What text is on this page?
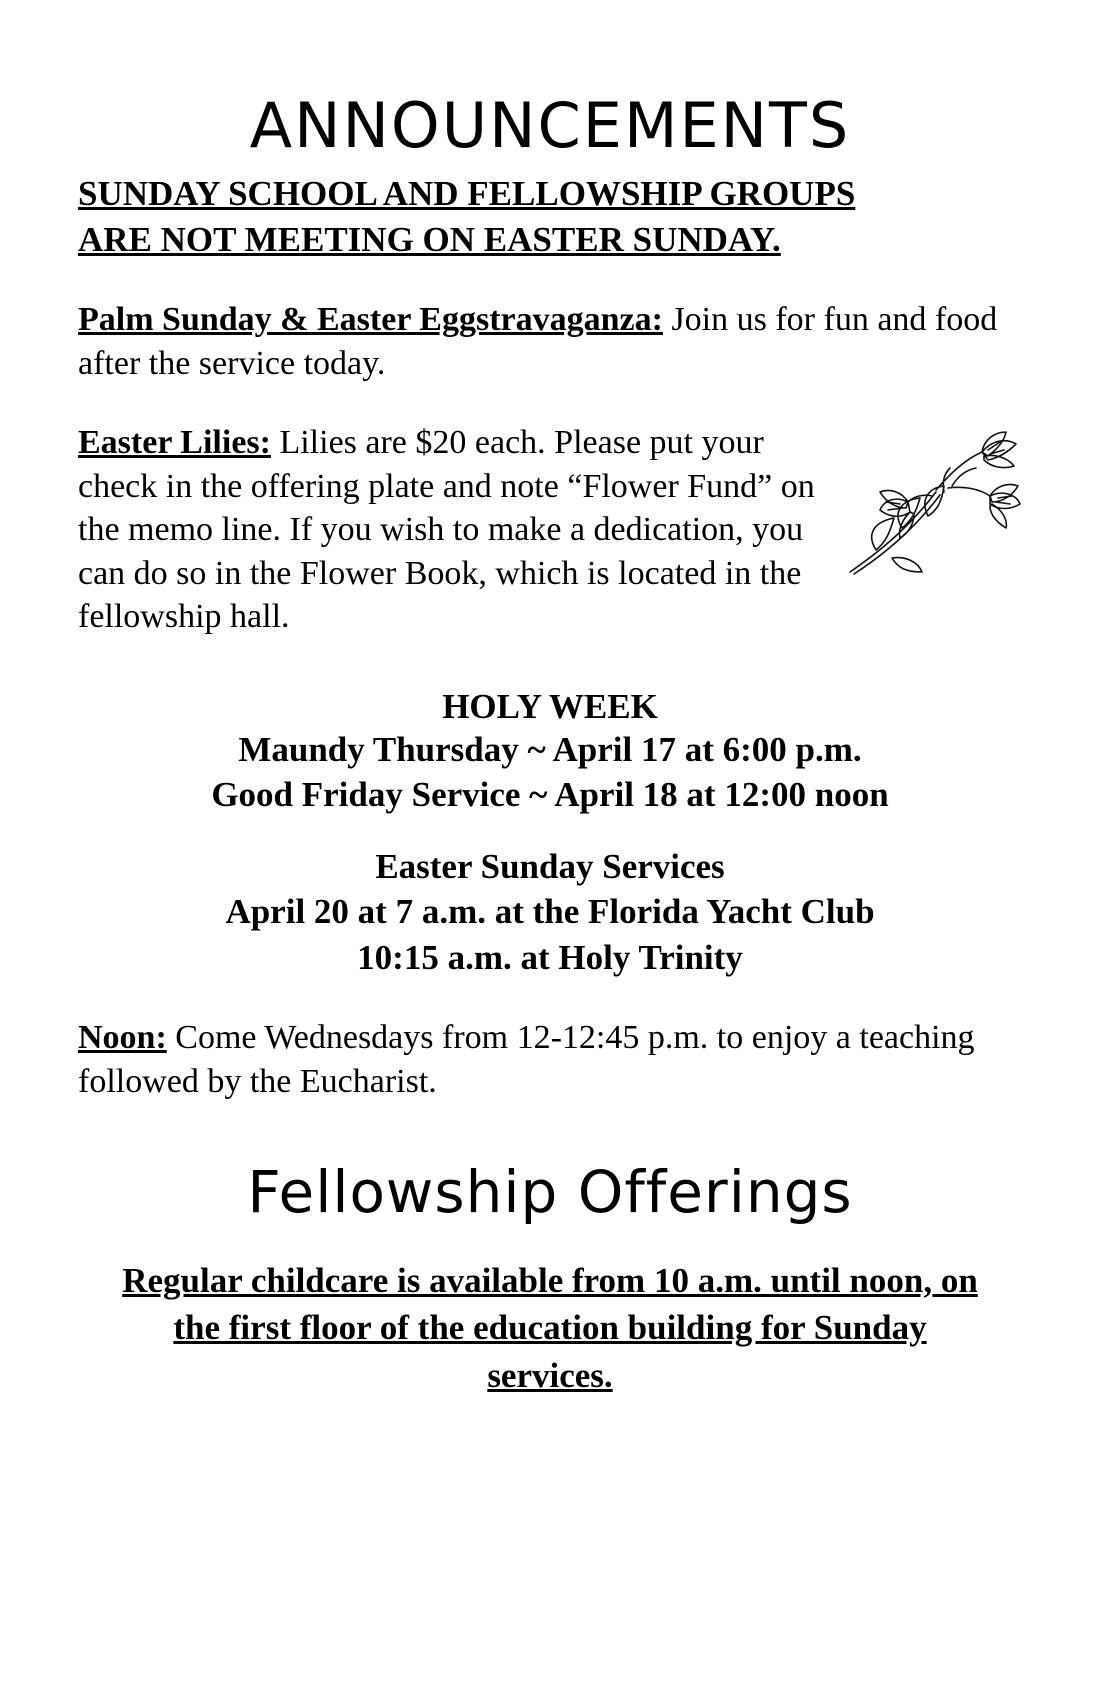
ANNOUNCEMENTS
SUNDAY SCHOOL AND FELLOWSHIP GROUPS
ARE NOT MEETING ON EASTER SUNDAY.

Palm Sunday & Easter Eggstravaganza: Join us for fun and food after the service today.

Easter Lilies: Lilies are $20 each. Please put your check in the offering plate and note “Flower Fund” on the memo line. If you wish to make a dedication, you can do so in the Flower Book, which is located in the fellowship hall.

HOLY WEEK

Maundy Thursday ~ April 17 at 6:00 p.m.

Good Friday Service ~ April 18 at 12:00 noon

Easter Sunday Services

April 20 at 7 a.m. at the Florida Yacht Club

10:15 a.m. at Holy Trinity

Noon: Come Wednesdays from 12-12:45 p.m. to enjoy a teaching followed by the Eucharist.

Fellowship Offerings

Regular childcare is available from 10 a.m. until noon, on the first floor of the education building for Sunday services.
